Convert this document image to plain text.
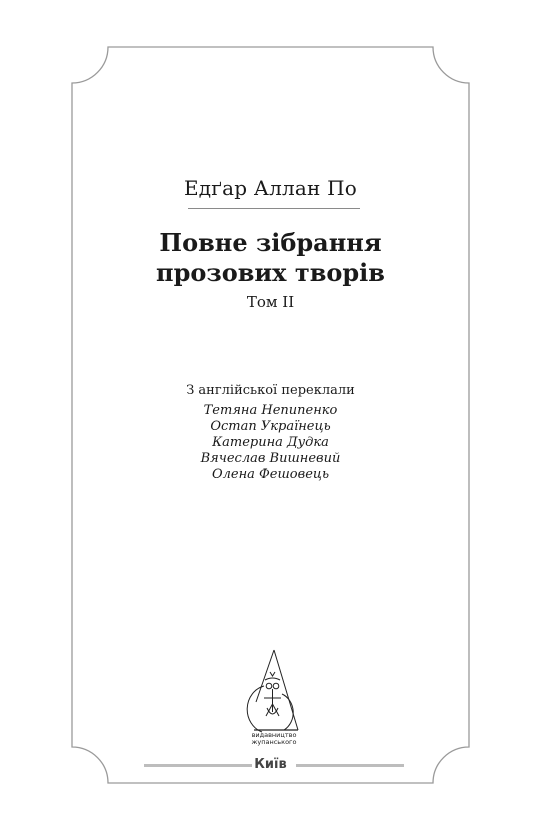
Едґар Аллан По
Повне зібрання
прозових творів
Том ІІ
З англійської переклали
Тетяна Непипенко
Остап Українець
Катерина Дудка
Вячеслав Вишневий
Олена Фешовець
видавництво
жупанського
Київ
